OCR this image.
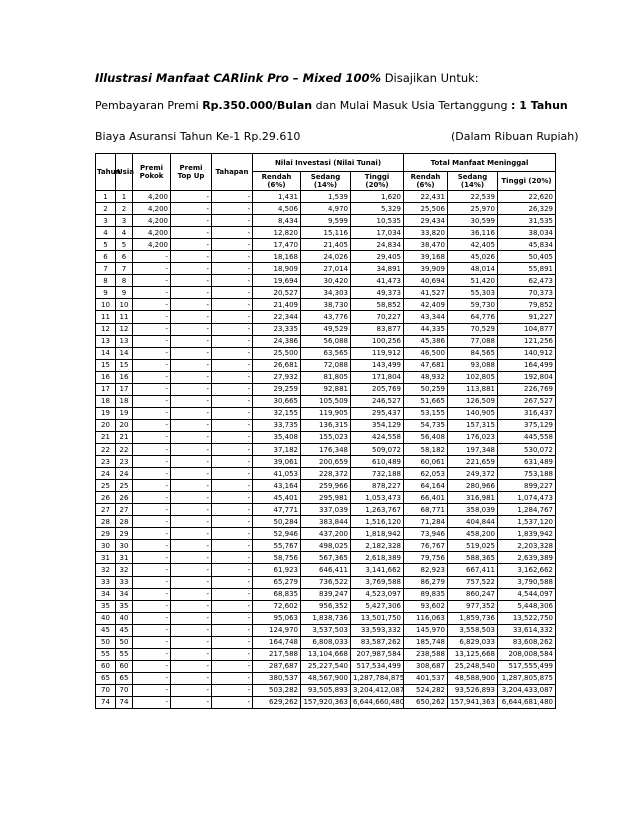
Illustrasi Manfaat CARlink Pro – Mixed 100% Disajikan Untuk:
Pembayaran Premi Rp.350.000/Bulan dan Mulai Masuk Usia Tertanggung : 1 Tahun
Biaya Asuransi Tahun Ke-1 Rp.29.610	(Dalam Ribuan Rupiah)
Tahun	Usia	Premi Pokok	Premi Top Up	Tahapan	Nilai Investasi (Nilai Tunai)			Total Manfaat Meninggal		
					Rendah (6%)	Sedang (14%)	Tinggi (20%)	Rendah (6%)	Sedang (14%)	Tinggi (20%)
1	1	4,200	-	-	1,431	1,539	1,620	22,431	22,539	22,620
2	2	4,200	-	-	4,506	4,970	5,329	25,506	25,970	26,329
3	3	4,200	-	-	8,434	9,599	10,535	29,434	30,599	31,535
4	4	4,200	-	-	12,820	15,116	17,034	33,820	36,116	38,034
5	5	4,200	-	-	17,470	21,405	24,834	38,470	42,405	45,834
6	6	-	-	-	18,168	24,026	29,405	39,168	45,026	50,405
7	7	-	-	-	18,909	27,014	34,891	39,909	48,014	55,891
8	8	-	-	-	19,694	30,420	41,473	40,694	51,420	62,473
9	9	-	-	-	20,527	34,303	49,373	41,527	55,303	70,373
10	10	-	-	-	21,409	38,730	58,852	42,409	59,730	79,852
11	11	-	-	-	22,344	43,776	70,227	43,344	64,776	91,227
12	12	-	-	-	23,335	49,529	83,877	44,335	70,529	104,877
13	13	-	-	-	24,386	56,088	100,256	45,386	77,088	121,256
14	14	-	-	-	25,500	63,565	119,912	46,500	84,565	140,912
15	15	-	-	-	26,681	72,088	143,499	47,681	93,088	164,499
16	16	-	-	-	27,932	81,805	171,804	48,932	102,805	192,804
17	17	-	-	-	29,259	92,881	205,769	50,259	113,881	226,769
18	18	-	-	-	30,665	105,509	246,527	51,665	126,509	267,527
19	19	-	-	-	32,155	119,905	295,437	53,155	140,905	316,437
20	20	-	-	-	33,735	136,315	354,129	54,735	157,315	375,129
21	21	-	-	-	35,408	155,023	424,558	56,408	176,023	445,558
22	22	-	-	-	37,182	176,348	509,072	58,182	197,348	530,072
23	23	-	-	-	39,061	200,659	610,489	60,061	221,659	631,489
24	24	-	-	-	41,053	228,372	732,188	62,053	249,372	753,188
25	25	-	-	-	43,164	259,966	878,227	64,164	280,966	899,227
26	26	-	-	-	45,401	295,981	1,053,473	66,401	316,981	1,074,473
27	27	-	-	-	47,771	337,039	1,263,767	68,771	358,039	1,284,767
28	28	-	-	-	50,284	383,844	1,516,120	71,284	404,844	1,537,120
29	29	-	-	-	52,946	437,200	1,818,942	73,946	458,200	1,839,942
30	30	-	-	-	55,767	498,025	2,182,328	76,767	519,025	2,203,328
31	31	-	-	-	58,756	567,365	2,618,389	79,756	588,365	2,639,389
32	32	-	-	-	61,923	646,411	3,141,662	82,923	667,411	3,162,662
33	33	-	-	-	65,279	736,522	3,769,588	86,279	757,522	3,790,588
34	34	-	-	-	68,835	839,247	4,523,097	89,835	860,247	4,544,097
35	35	-	-	-	72,602	956,352	5,427,306	93,602	977,352	5,448,306
40	40	-	-	-	95,063	1,838,736	13,501,750	116,063	1,859,736	13,522,750
45	45	-	-	-	124,970	3,537,503	33,593,332	145,970	3,558,503	33,614,332
50	50	-	-	-	164,748	6,808,033	83,587,262	185,748	6,829,033	83,608,262
55	55	-	-	-	217,588	13,104,668	207,987,584	238,588	13,125,668	208,008,584
60	60	-	-	-	287,687	25,227,540	517,534,499	308,687	25,248,540	517,555,499
65	65	-	-	-	380,537	48,567,900	1,287,784,875	401,537	48,588,900	1,287,805,875
70	70	-	-	-	503,282	93,505,893	3,204,412,087	524,282	93,526,893	3,204,433,087
74	74	-	-	-	629,262	157,920,363	6,644,660,480	650,262	157,941,363	6,644,681,480
